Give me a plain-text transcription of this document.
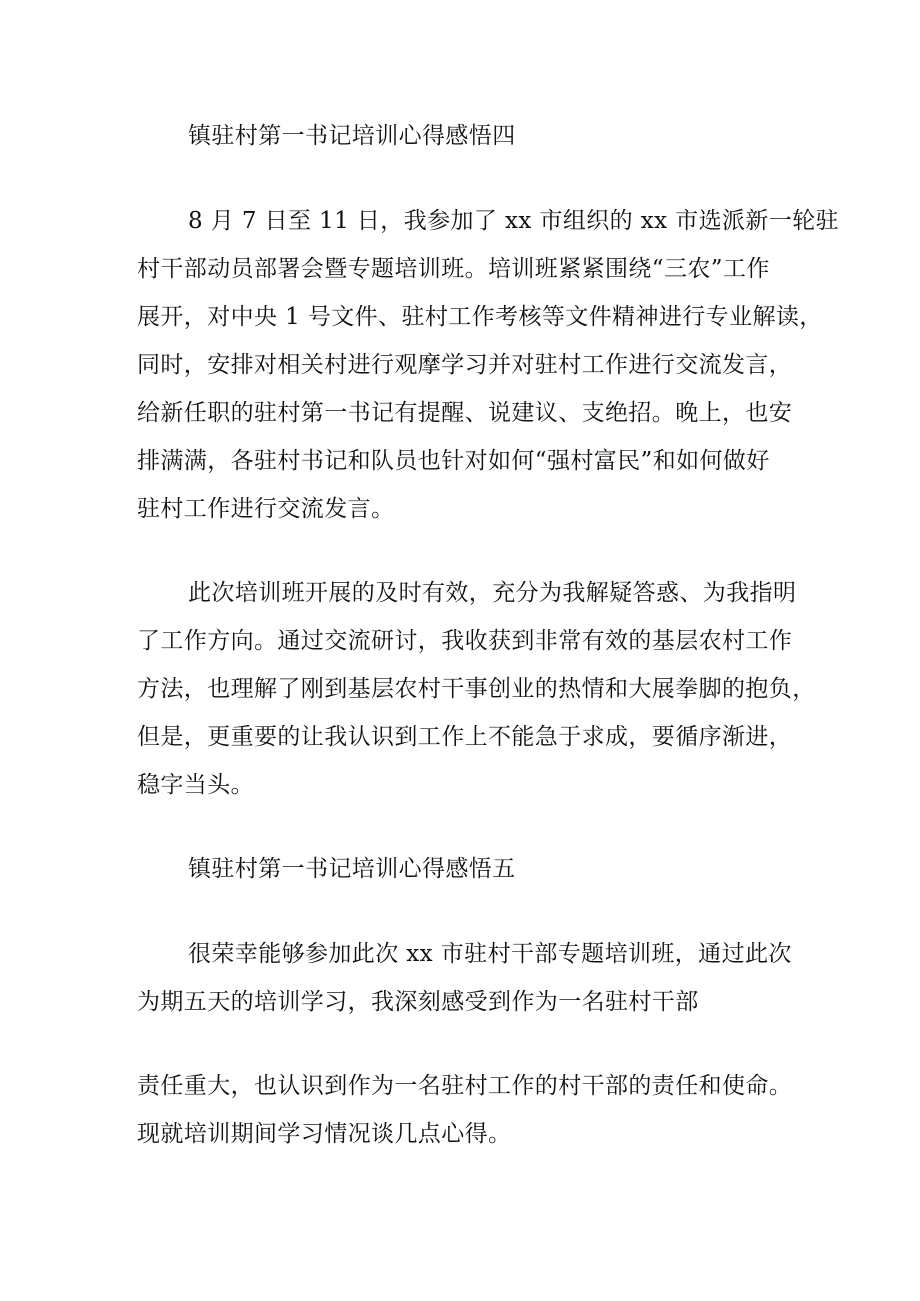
镇驻村第一书记培训心得感悟四
8 月 7 日至 11 日，我参加了 xx 市组织的 xx 市选派新一轮驻
村干部动员部署会暨专题培训班。培训班紧紧围绕“三农”工作
展开，对中央 1 号文件、驻村工作考核等文件精神进行专业解读，
同时，安排对相关村进行观摩学习并对驻村工作进行交流发言，
给新任职的驻村第一书记有提醒、说建议、支绝招。晚上，也安
排满满，各驻村书记和队员也针对如何“强村富民”和如何做好
驻村工作进行交流发言。
此次培训班开展的及时有效，充分为我解疑答惑、为我指明
了工作方向。通过交流研讨，我收获到非常有效的基层农村工作
方法，也理解了刚到基层农村干事创业的热情和大展拳脚的抱负，
但是，更重要的让我认识到工作上不能急于求成，要循序渐进，
稳字当头。
镇驻村第一书记培训心得感悟五
很荣幸能够参加此次 xx 市驻村干部专题培训班，通过此次
为期五天的培训学习，我深刻感受到作为一名驻村干部
责任重大，也认识到作为一名驻村工作的村干部的责任和使命。
现就培训期间学习情况谈几点心得。
